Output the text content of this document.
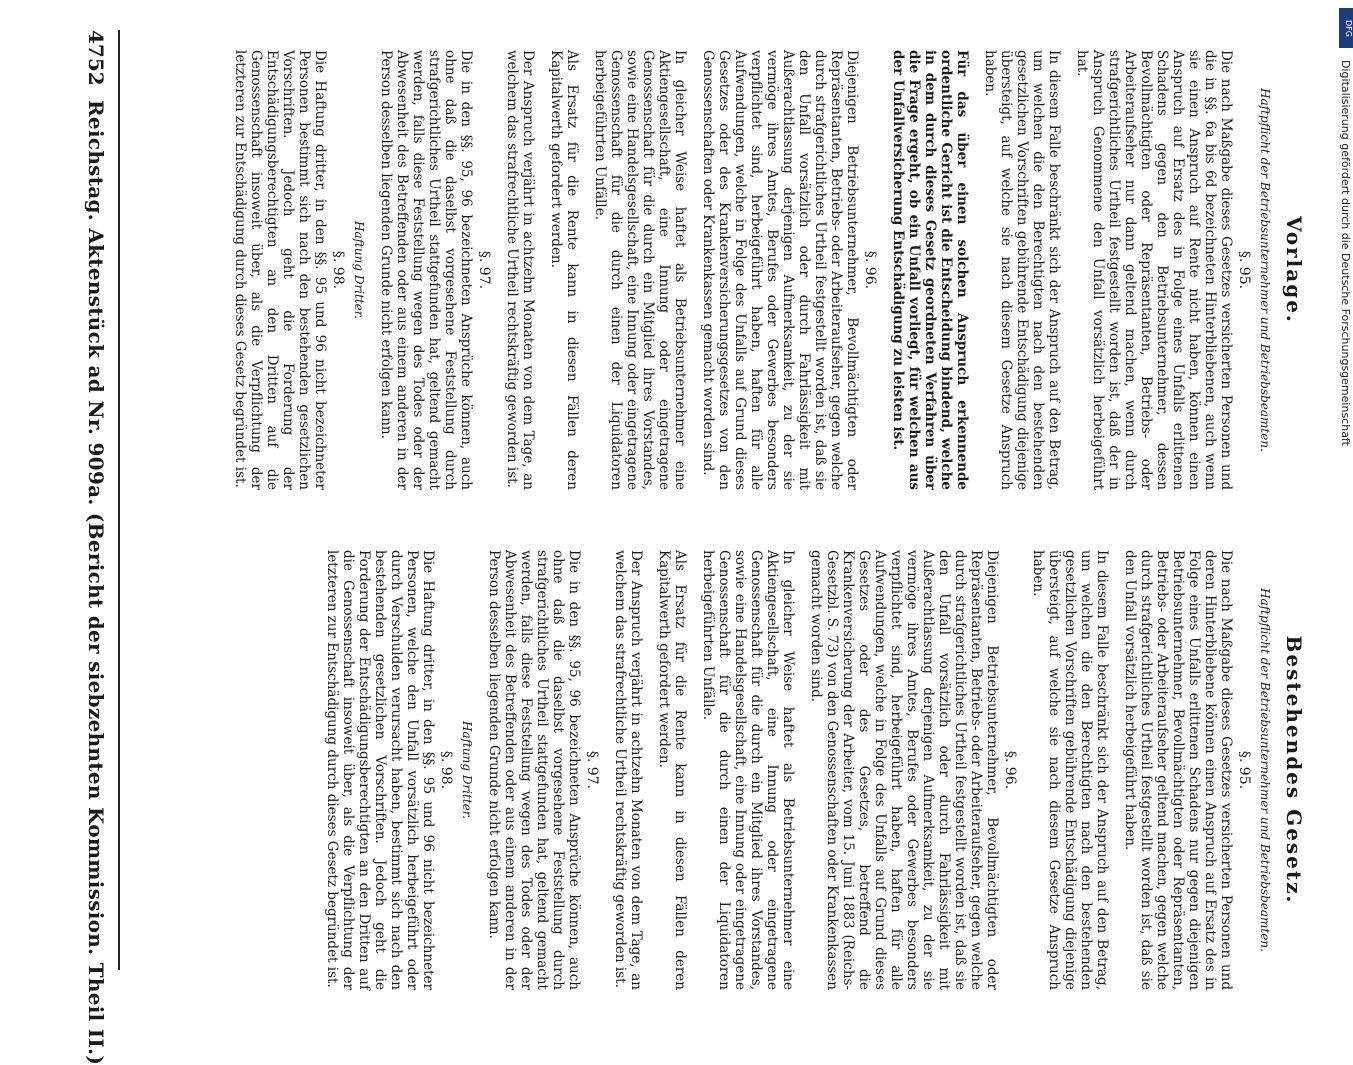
Bestehendes Gesetz.
Haftpflicht der Betriebsunternehmer und Betriebsbeamten.
§. 95.

Die nach Maßgabe dieses Gesetzes versicherten Personen und deren Hinterbliebene können einen Anspruch auf Ersatz des in Folge eines Unfalls erlittenen Schadens nur gegen diejenigen Betriebsunternehmer, Bevollmächtigten oder Repräsentanten, Betriebs- oder Arbeiteraufseher geltend machen, gegen welche durch strafgerichtliches Urtheil festgestellt worden ist, daß sie den Unfall vorsätzlich herbeigeführt haben.

In diesem Falle beschränkt sich der Anspruch auf den Betrag, um welchen die den Berechtigten nach den bestehenden gesetzlichen Vorschriften gebührende Entschädigung diejenige übersteigt, auf welche sie nach diesem Gesetze Anspruch haben.

§. 96.

Diejenigen Betriebsunternehmer, Bevollmächtigten oder Repräsentanten, Betriebs- oder Arbeiteraufseher, gegen welche durch strafgerichtliches Urtheil festgestellt worden ist, daß sie den Unfall vorsätzlich oder durch Fahrlässigkeit mit Außerachtlassung derjenigen Aufmerksamkeit, zu der sie vermöge ihres Amtes, Berufes oder Gewerbes besonders verpflichtet sind, herbeigeführt haben, haften für alle Aufwendungen, welche in Folge des Unfalls auf Grund dieses Gesetzes oder des Gesetzes, betreffend die Krankenversicherung der Arbeiter, vom 15. Juni 1883 (Reichs-Gesetzbl. S. 73) von den Genossenschaften oder Krankenkassen gemacht worden sind.

In gleicher Weise haftet als Betriebsunternehmer eine Aktiengesellschaft, eine Innung oder eingetragene Genossenschaft für die durch ein Mitglied ihres Vorstandes, sowie eine Handelsgesellschaft, eine Innung oder eingetragene Genossenschaft für die durch einen der Liquidatoren herbeigeführten Unfälle.

Als Ersatz für die Rente kann in diesen Fällen deren Kapitalwerth gefordert werden.

Der Anspruch verjährt in achtzehn Monaten von dem Tage, an welchem das strafrechtliche Urtheil rechtskräftig geworden ist.

§. 97.

Die in den §§. 95, 96 bezeichneten Ansprüche können, auch ohne daß die daselbst vorgesehene Feststellung durch strafgerichtliches Urtheil stattgefunden hat, geltend gemacht werden, falls diese Feststellung wegen des Todes oder der Abwesenheit des Betreffenden oder aus einem anderen in der Person desselben liegenden Grunde nicht erfolgen kann.

Haftung Dritter.
§. 98.

Die Haftung dritter, in den §§. 95 und 96 nicht bezeichneter Personen, welche den Unfall vorsätzlich herbeigeführt oder durch Verschulden verursacht haben, bestimmt sich nach den bestehenden gesetzlichen Vorschriften. Jedoch geht die Forderung der Entschädigungsberechtigten an den Dritten auf die Genossenschaft insoweit über, als die Verpflichtung der letzteren zur Entschädigung durch dieses Gesetz begründet ist.

Vorlage.
Haftpflicht der Betriebsunternehmer und Betriebsbeamten.
§. 95.

Die nach Maßgabe dieses Gesetzes versicherten Personen und die in §§. 6a bis 6d bezeichneten Hinterbliebenen, auch wenn sie einen Anspruch auf Rente nicht haben, können einen Anspruch auf Ersatz des in Folge eines Unfalls erlittenen Schadens gegen den Betriebsunternehmer, dessen Bevollmächtigten oder Repräsentanten, Betriebs- oder Arbeiteraufseher nur dann geltend machen, wenn durch strafgerichtliches Urtheil festgestellt worden ist, daß der in Anspruch Genommene den Unfall vorsätzlich herbeigeführt hat.

In diesem Falle beschränkt sich der Anspruch auf den Betrag, um welchen die den Berechtigten nach den bestehenden gesetzlichen Vorschriften gebührende Entschädigung diejenige übersteigt, auf welche sie nach diesem Gesetze Anspruch haben.

Für das über einen solchen Anspruch erkennende ordentliche Gericht ist die Entscheidung bindend, welche in dem durch dieses Gesetz geordneten Verfahren über die Frage ergeht, ob ein Unfall vorliegt, für welchen aus der Unfallversicherung Entschädigung zu leisten ist.

§. 96.

Diejenigen Betriebsunternehmer, Bevollmächtigten oder Repräsentanten, Betriebs- oder Arbeiteraufseher, gegen welche durch strafgerichtliches Urtheil festgestellt worden ist, daß sie den Unfall vorsätzlich oder durch Fahrlässigkeit mit Außerachtlassung derjenigen Aufmerksamkeit, zu der sie vermöge ihres Amtes, Berufes oder Gewerbes besonders verpflichtet sind, herbeigeführt haben, haften für alle Aufwendungen, welche in Folge des Unfalls auf Grund dieses Gesetzes oder des Krankenversicherungsgesetzes von den Genossenschaften oder Krankenkassen gemacht worden sind.

In gleicher Weise haftet als Betriebsunternehmer eine Aktiengesellschaft, eine Innung oder eingetragene Genossenschaft für die durch ein Mitglied ihres Vorstandes, sowie eine Handelsgesellschaft, eine Innung oder eingetragene Genossenschaft für die durch einen der Liquidatoren herbeigeführten Unfälle.

Als Ersatz für die Rente kann in diesen Fällen deren Kapitalwerth gefordert werden.

Der Anspruch verjährt in achtzehn Monaten von dem Tage, an welchem das strafrechtliche Urtheil rechtskräftig geworden ist.

§. 97.

Die in den §§. 95, 96 bezeichneten Ansprüche können, auch ohne daß die daselbst vorgesehene Feststellung durch strafgerichtliches Urtheil stattgefunden hat, geltend gemacht werden, falls diese Feststellung wegen des Todes oder der Abwesenheit des Betreffenden oder aus einem anderen in der Person desselben liegenden Grunde nicht erfolgen kann.

Haftung Dritter.
§. 98.

Die Haftung dritter, in den §§. 95 und 96 nicht bezeichneter Personen bestimmt sich nach den bestehenden gesetzlichen Vorschriften. Jedoch geht die Forderung der Entschädigungsberechtigten an den Dritten auf die Genossenschaft insoweit über, als die Verpflichtung der letzteren zur Entschädigung durch dieses Gesetz begründet ist.

4752
Reichstag. Aktenstück ad Nr. 909a. (Bericht der siebzehnten Kommission. Theil II.)
DFG
Digitalisierung gefördert durch die Deutsche Forschungsgemeinschaft
